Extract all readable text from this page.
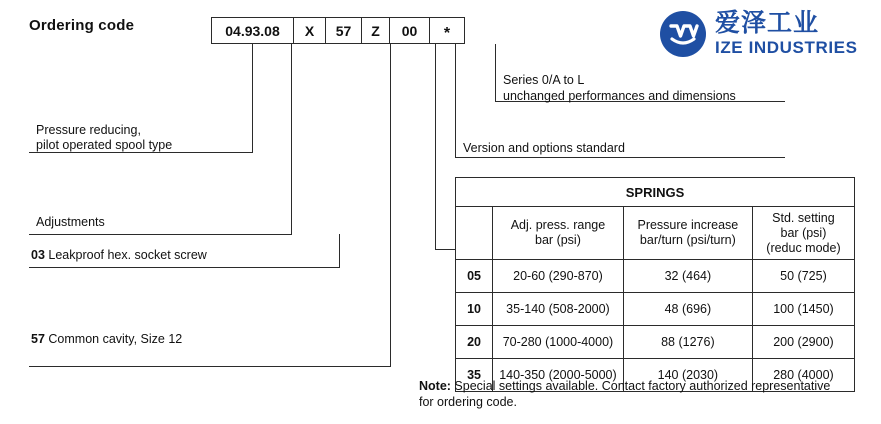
Ordering code	04.93.08	X	57	Z	00	*
Pressure reducing,
pilot operated spool type
Adjustments
03 Leakproof hex. socket screw
57 Common cavity, Size 12
Series 0/A to L
unchanged performances and dimensions
Version and options standard
爱泽工业
IZE INDUSTRIES
SPRINGS			

Adj. press. range
bar (psi)

Pressure increase
bar/turn (psi/turn)

Std. setting
bar (psi)
(reduc mode)

05	20-60 (290-870)	32 (464)	50 (725)
10	35-140 (508-2000)	48 (696)	100 (1450)
20	70-280 (1000-4000)	88 (1276)	200 (2900)
35	140-350 (2000-5000)	140 (2030)	280 (4000)
Note: Special settings available. Contact factory authorized representative
for ordering code.
